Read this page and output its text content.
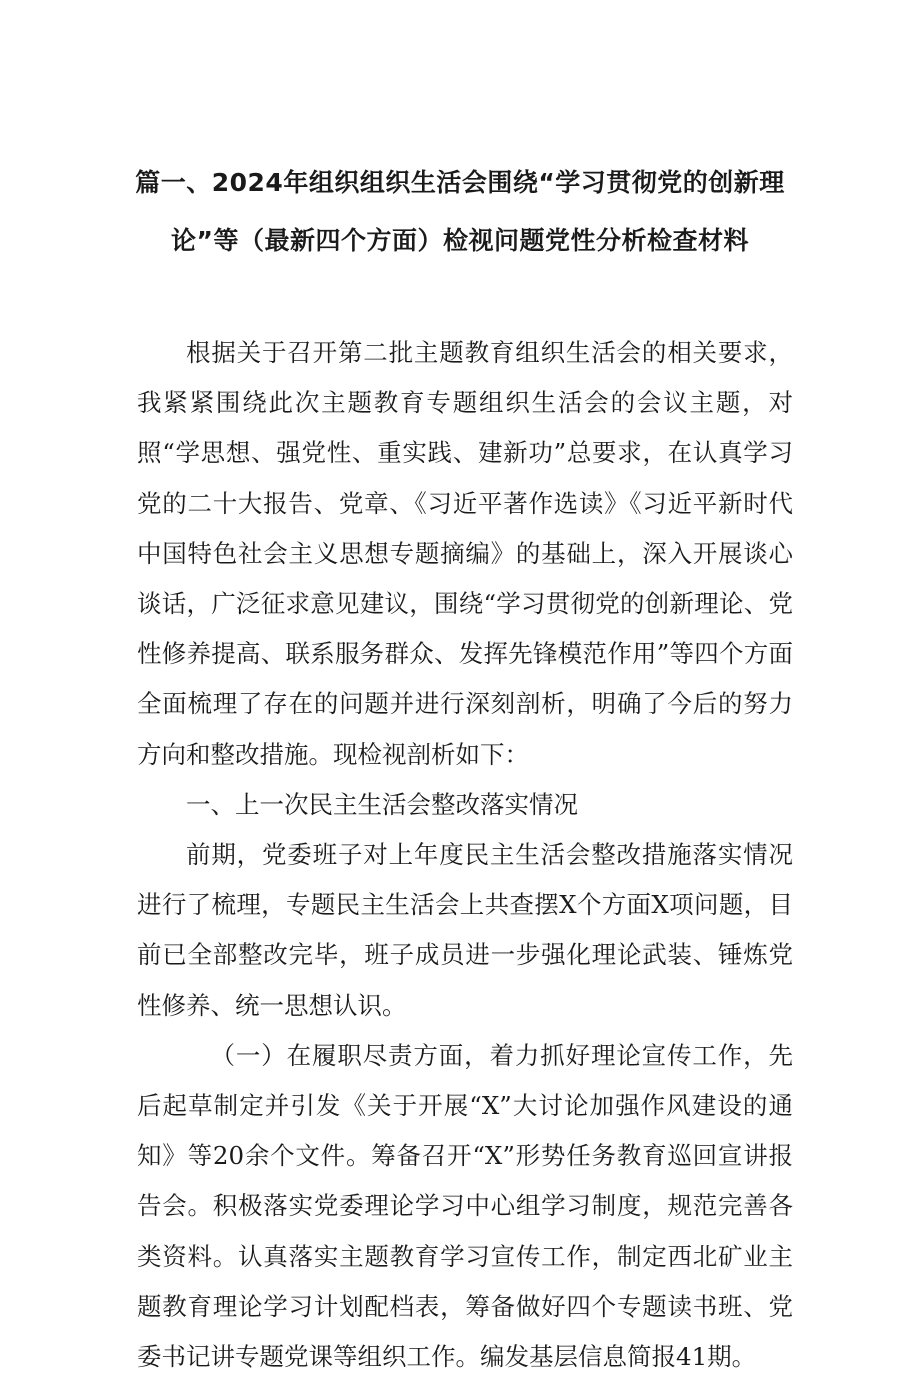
篇一、2024年组织组织生活会围绕“学习贯彻党的创新理
论”等（最新四个方面）检视问题党性分析检查材料

根据关于召开第二批主题教育组织生活会的相关要求，我紧紧围绕此次主题教育专题组织生活会的会议主题，对照“学思想、强党性、重实践、建新功”总要求，在认真学习党的二十大报告、党章、《习近平著作选读》《习近平新时代中国特色社会主义思想专题摘编》的基础上，深入开展谈心谈话，广泛征求意见建议，围绕“学习贯彻党的创新理论、党性修养提高、联系服务群众、发挥先锋模范作用”等四个方面全面梳理了存在的问题并进行深刻剖析，明确了今后的努力方向和整改措施。现检视剖析如下：

一、上一次民主生活会整改落实情况

前期，党委班子对上年度民主生活会整改措施落实情况进行了梳理，专题民主生活会上共查摆X个方面X项问题，目前已全部整改完毕，班子成员进一步强化理论武装、锤炼党性修养、统一思想认识。

（一）在履职尽责方面，着力抓好理论宣传工作，先后起草制定并引发《关于开展“X”大讨论加强作风建设的通知》等20余个文件。筹备召开“X”形势任务教育巡回宣讲报告会。积极落实党委理论学习中心组学习制度，规范完善各类资料。认真落实主题教育学习宣传工作，制定西北矿业主题教育理论学习计划配档表，筹备做好四个专题读书班、党委书记讲专题党课等组织工作。编发基层信息简报41期。
